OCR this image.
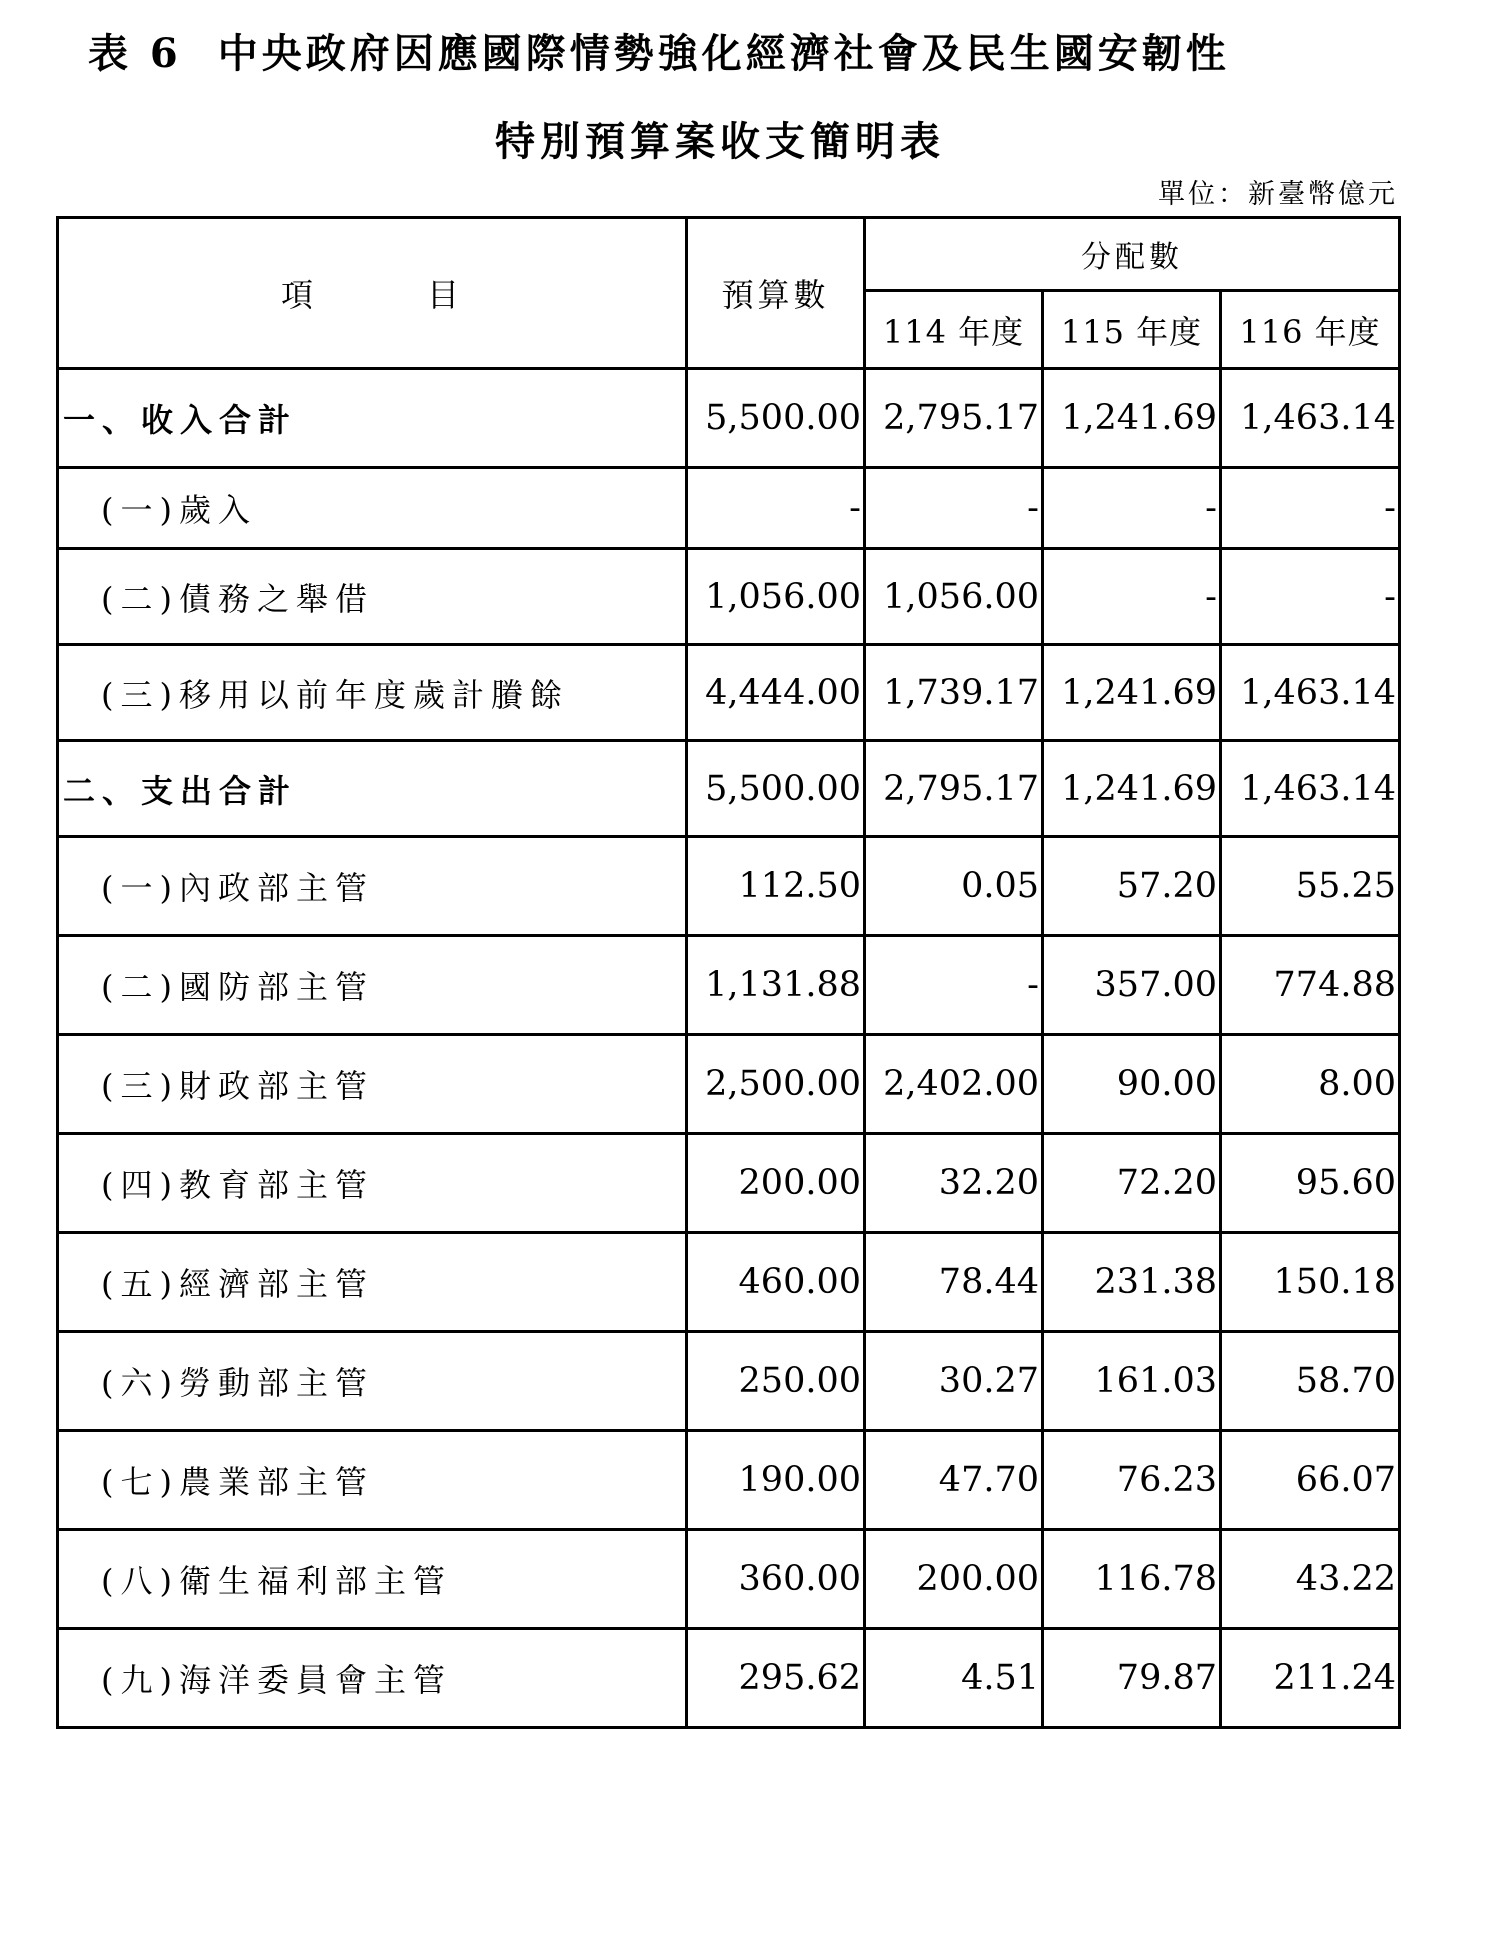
表 6 中央政府因應國際情勢強化經濟社會及民生國安韌性
特別預算案收支簡明表
單位：新臺幣億元
項 目	預算數	分配數		
		114 年度	115 年度	116 年度
一、收入合計	5,500.00	2,795.17	1,241.69	1,463.14
(一)歲入	-	-	-	-
(二)債務之舉借	1,056.00	1,056.00	-	-
(三)移用以前年度歲計賸餘	4,444.00	1,739.17	1,241.69	1,463.14
二、支出合計	5,500.00	2,795.17	1,241.69	1,463.14
(一)內政部主管	112.50	0.05	57.20	55.25
(二)國防部主管	1,131.88	-	357.00	774.88
(三)財政部主管	2,500.00	2,402.00	90.00	8.00
(四)教育部主管	200.00	32.20	72.20	95.60
(五)經濟部主管	460.00	78.44	231.38	150.18
(六)勞動部主管	250.00	30.27	161.03	58.70
(七)農業部主管	190.00	47.70	76.23	66.07
(八)衛生福利部主管	360.00	200.00	116.78	43.22
(九)海洋委員會主管	295.62	4.51	79.87	211.24
